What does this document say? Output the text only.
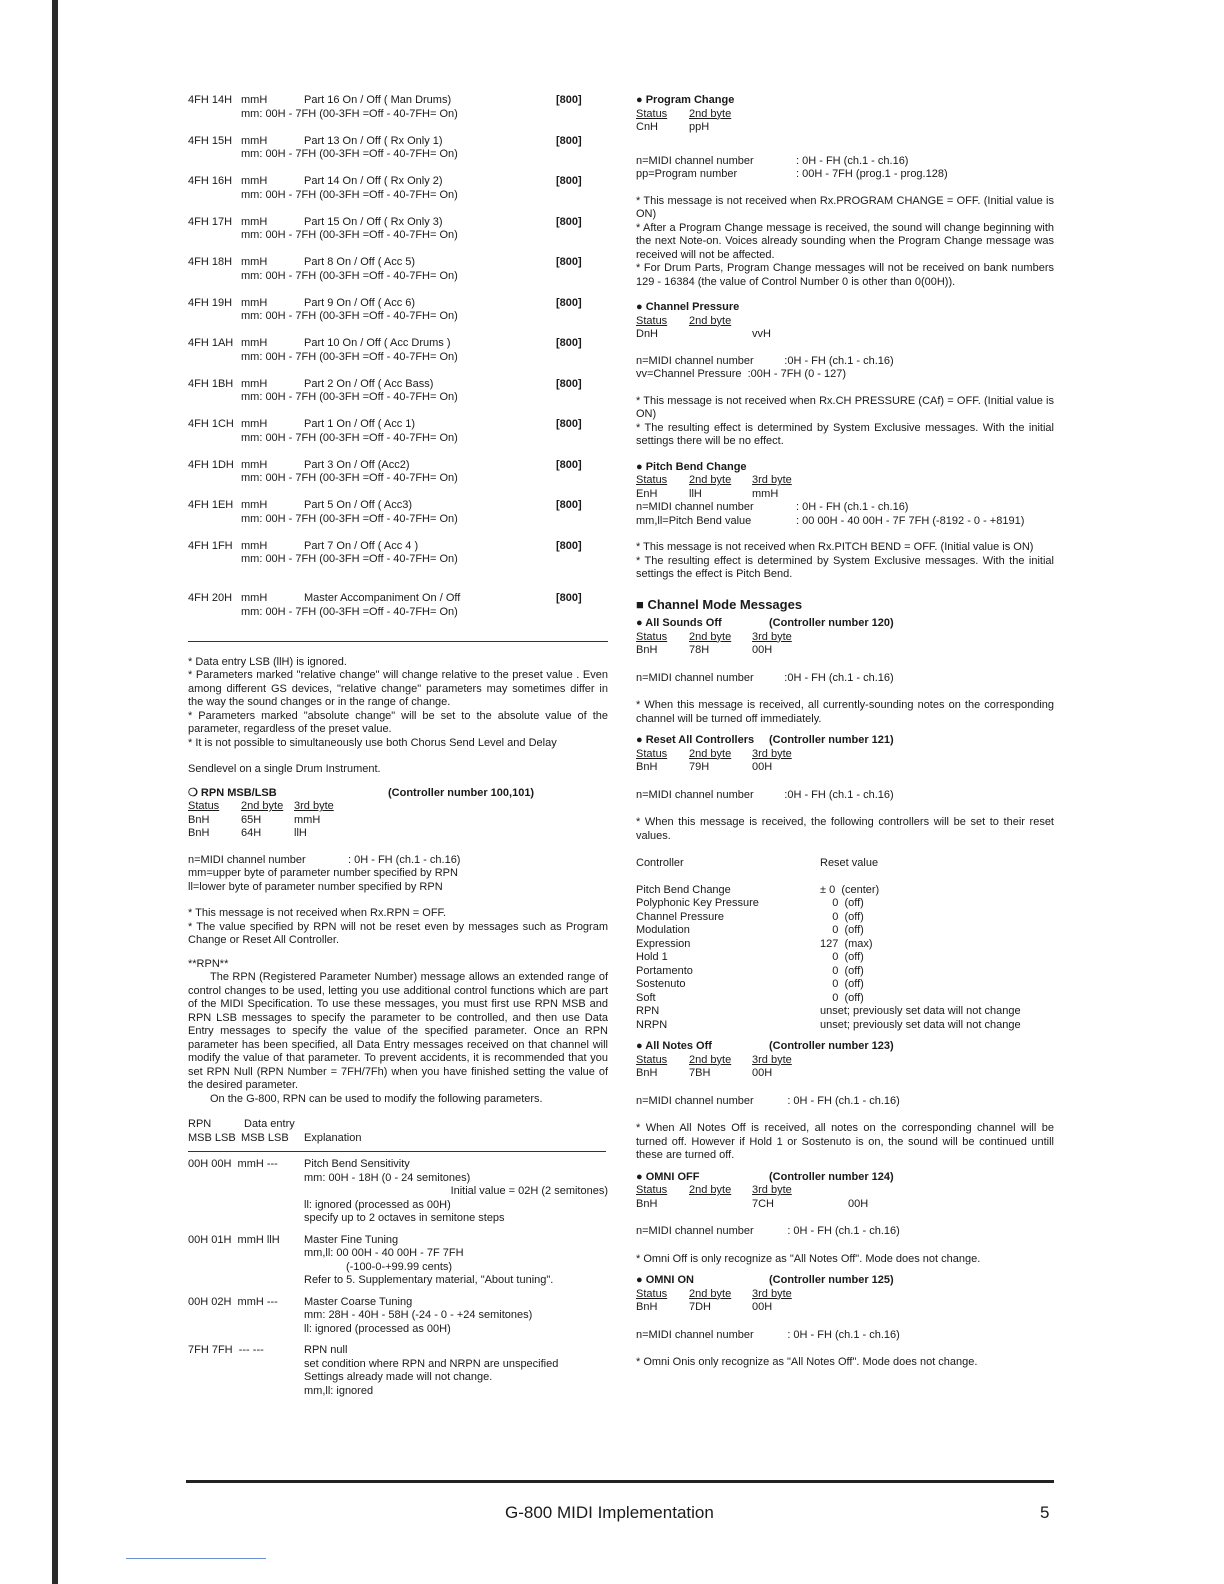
4FH 14H mmH	Part 16 On / Off ( Man Drums)	[800]
mm: 00H - 7FH (00-3FH =Off - 40-7FH= On)
4FH 15H mmH	Part 13 On / Off ( Rx Only 1)	[800]
mm: 00H - 7FH (00-3FH =Off - 40-7FH= On)
4FH 16H mmH	Part 14 On / Off ( Rx Only 2)	[800]
mm: 00H - 7FH (00-3FH =Off - 40-7FH= On)
4FH 17H mmH	Part 15 On / Off ( Rx Only 3)	[800]
mm: 00H - 7FH (00-3FH =Off - 40-7FH= On)
4FH 18H mmH	Part 8 On / Off ( Acc 5)	[800]
mm: 00H - 7FH (00-3FH =Off - 40-7FH= On)
4FH 19H mmH	Part 9 On / Off ( Acc 6)	[800]
mm: 00H - 7FH (00-3FH =Off - 40-7FH= On)
4FH 1AH mmH	Part 10 On / Off ( Acc Drums )	[800]
mm: 00H - 7FH (00-3FH =Off - 40-7FH= On)
4FH 1BH mmH	Part 2 On / Off ( Acc Bass)	[800]
mm: 00H - 7FH (00-3FH =Off - 40-7FH= On)
4FH 1CH mmH	Part 1 On / Off ( Acc 1)	[800]
mm: 00H - 7FH (00-3FH =Off - 40-7FH= On)
4FH 1DH mmH	Part 3 On / Off (Acc2)	[800]
mm: 00H - 7FH (00-3FH =Off - 40-7FH= On)
4FH 1EH mmH	Part 5 On / Off ( Acc3)	[800]
mm: 00H - 7FH (00-3FH =Off - 40-7FH= On)
4FH 1FH mmH	Part 7 On / Off ( Acc 4 )	[800]
mm: 00H - 7FH (00-3FH =Off - 40-7FH= On)
4FH 20H mmH	Master Accompaniment On / Off	[800]
mm: 00H - 7FH (00-3FH =Off - 40-7FH= On)

* Data entry LSB (llH) is ignored.

* Parameters marked "relative change" will change relative to the preset value . Even among different GS devices, "relative change" parameters may sometimes differ in the way the sound changes or in the range of change.

* Parameters marked "absolute change" will be set to the absolute value of the parameter, regardless of the preset value.

* It is not possible to simultaneously use both Chorus Send Level and Delay

Sendlevel on a single Drum Instrument.

❍ RPN MSB/LSB	(Controller number 100,101)
Status	2nd byte 3rd byte
BnH	65H	mmH
BnH	64H	llH
n=MIDI channel number	: 0H - FH (ch.1 - ch.16)
mm=upper byte of parameter number specified by RPN
ll=lower byte of parameter number specified by RPN

* This message is not received when Rx.RPN = OFF.

* The value specified by RPN will not be reset even by messages such as Program Change or Reset All Controller.

**RPN**

The RPN (Registered Parameter Number) message allows an extended range of control changes to be used, letting you use additional control functions which are part of the MIDI Specification. To use these messages, you must first use RPN MSB and RPN LSB messages to specify the parameter to be controlled, and then use Data Entry messages to specify the value of the specified parameter. Once an RPN parameter has been specified, all Data Entry messages received on that channel will modify the value of that parameter. To prevent accidents, it is recommended that you set RPN Null (RPN Number = 7FH/7Fh) when you have finished setting the value of the desired parameter.

On the G-800, RPN can be used to modify the following parameters.

RPN	Data entry
MSB LSB MSB LSB	Explanation
00H 00H  mmH ---	Pitch Bend Sensitivity
mm: 00H - 18H (0 - 24 semitones)
Initial value = 02H (2 semitones)
ll: ignored (processed as 00H)
specify up to 2 octaves in semitone steps
00H 01H  mmH llH	Master Fine Tuning
mm,ll: 00 00H - 40 00H - 7F 7FH
(-100-0-+99.99 cents)
Refer to 5. Supplementary material, "About tuning".
00H 02H  mmH ---	Master Coarse Tuning
mm: 28H - 40H - 58H (-24 - 0 - +24 semitones)
ll: ignored (processed as 00H)
7FH 7FH  --- ---	RPN null
set condition where RPN and NRPN are unspecified
Settings already made will not change.
mm,ll: ignored
● Program Change
Status	2nd byte
CnH	ppH
n=MIDI channel number	: 0H - FH (ch.1 - ch.16)
pp=Program number	: 00H - 7FH (prog.1 - prog.128)

* This message is not received when Rx.PROGRAM CHANGE = OFF. (Initial value is ON)

* After a Program Change message is received, the sound will change beginning with the next Note-on. Voices already sounding when the Program Change message was received will not be affected.

* For Drum Parts, Program Change messages will not be received on bank numbers 129 - 16384 (the value of Control Number 0 is other than 0(00H)).

● Channel Pressure
Status	2nd byte
DnH	vvH
n=MIDI channel number          :0H - FH (ch.1 - ch.16)
vv=Channel Pressure  :00H - 7FH (0 - 127)

* This message is not received when Rx.CH PRESSURE (CAf) = OFF. (Initial value is ON)

* The resulting effect is determined by System Exclusive messages. With the initial settings there will be no effect.

● Pitch Bend Change
Status	2nd byte	3rd byte
EnH	llH	mmH
n=MIDI channel number	: 0H - FH (ch.1 - ch.16)
mm,ll=Pitch Bend value	: 00 00H - 40 00H - 7F 7FH (-8192 - 0 - +8191)

* This message is not received when Rx.PITCH BEND = OFF. (Initial value is ON)

* The resulting effect is determined by System Exclusive messages. With the initial settings the effect is Pitch Bend.

■ Channel Mode Messages
● All Sounds Off	(Controller number 120)
Status	2nd byte	3rd byte
BnH	78H	00H
n=MIDI channel number          :0H - FH (ch.1 - ch.16)

* When this message is received, all currently-sounding notes on the corresponding channel will be turned off immediately.

● Reset All Controllers	(Controller number 121)
Status	2nd byte	3rd byte
BnH	79H	00H
n=MIDI channel number          :0H - FH (ch.1 - ch.16)

* When this message is received, the following controllers will be set to their reset values.

Controller	Reset value
Pitch Bend Change	± 0  (center)
Polyphonic Key Pressure	0  (off)
Channel Pressure	0  (off)
Modulation	0  (off)
Expression	127  (max)
Hold 1	0  (off)
Portamento	0  (off)
Sostenuto	0  (off)
Soft	0  (off)
RPN	unset; previously set data will not change
NRPN	unset; previously set data will not change
● All Notes Off	(Controller number 123)
Status	2nd byte	3rd byte
BnH	7BH	00H
n=MIDI channel number           : 0H - FH (ch.1 - ch.16)

* When All Notes Off is received, all notes on the corresponding channel will be turned off. However if Hold 1 or Sostenuto is on, the sound will be continued untill these are turned off.

● OMNI OFF	(Controller number 124)
Status	2nd byte	3rd byte
BnH	7CH	00H
n=MIDI channel number           : 0H - FH (ch.1 - ch.16)

* Omni Off is only recognize as "All Notes Off". Mode does not change.

● OMNI ON	(Controller number 125)
Status	2nd byte	3rd byte
BnH	7DH	00H
n=MIDI channel number           : 0H - FH (ch.1 - ch.16)

* Omni Onis only recognize as "All Notes Off". Mode does not change.

G-800 MIDI Implementation	5
